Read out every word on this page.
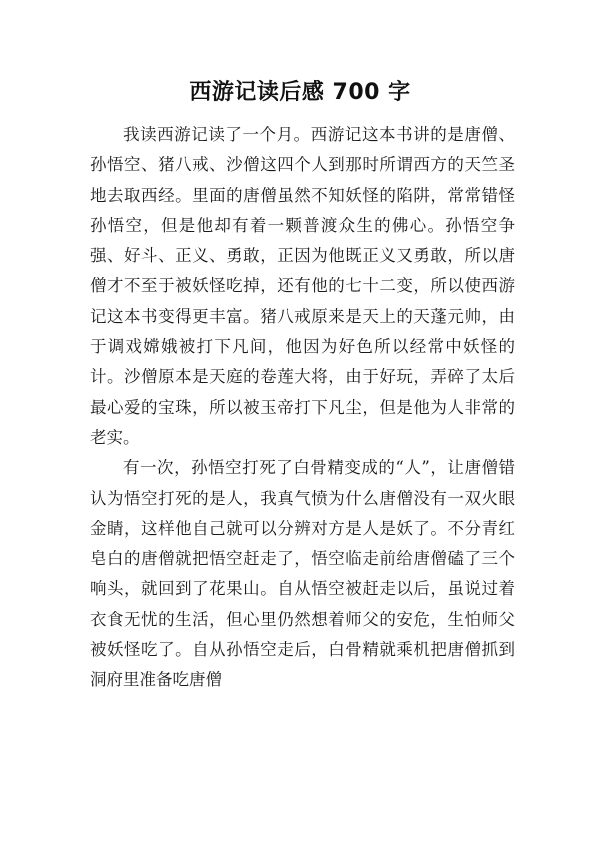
西游记读后感 700 字

我读西游记读了一个月。西游记这本书讲的是唐僧、孙悟空、猪八戒、沙僧这四个人到那时所谓西方的天竺圣地去取西经。里面的唐僧虽然不知妖怪的陷阱，常常错怪孙悟空，但是他却有着一颗普渡众生的佛心。孙悟空争强、好斗、正义、勇敢，正因为他既正义又勇敢，所以唐僧才不至于被妖怪吃掉，还有他的七十二变，所以使西游记这本书变得更丰富。猪八戒原来是天上的天蓬元帅，由于调戏嫦娥被打下凡间，他因为好色所以经常中妖怪的计。沙僧原本是天庭的卷莲大将，由于好玩，弄碎了太后最心爱的宝珠，所以被玉帝打下凡尘，但是他为人非常的老实。

有一次，孙悟空打死了白骨精变成的“人”，让唐僧错认为悟空打死的是人，我真气愤为什么唐僧没有一双火眼金睛，这样他自己就可以分辨对方是人是妖了。不分青红皂白的唐僧就把悟空赶走了，悟空临走前给唐僧磕了三个响头，就回到了花果山。自从悟空被赶走以后，虽说过着衣食无忧的生活，但心里仍然想着师父的安危，生怕师父被妖怪吃了。自从孙悟空走后，白骨精就乘机把唐僧抓到洞府里准备吃唐僧
